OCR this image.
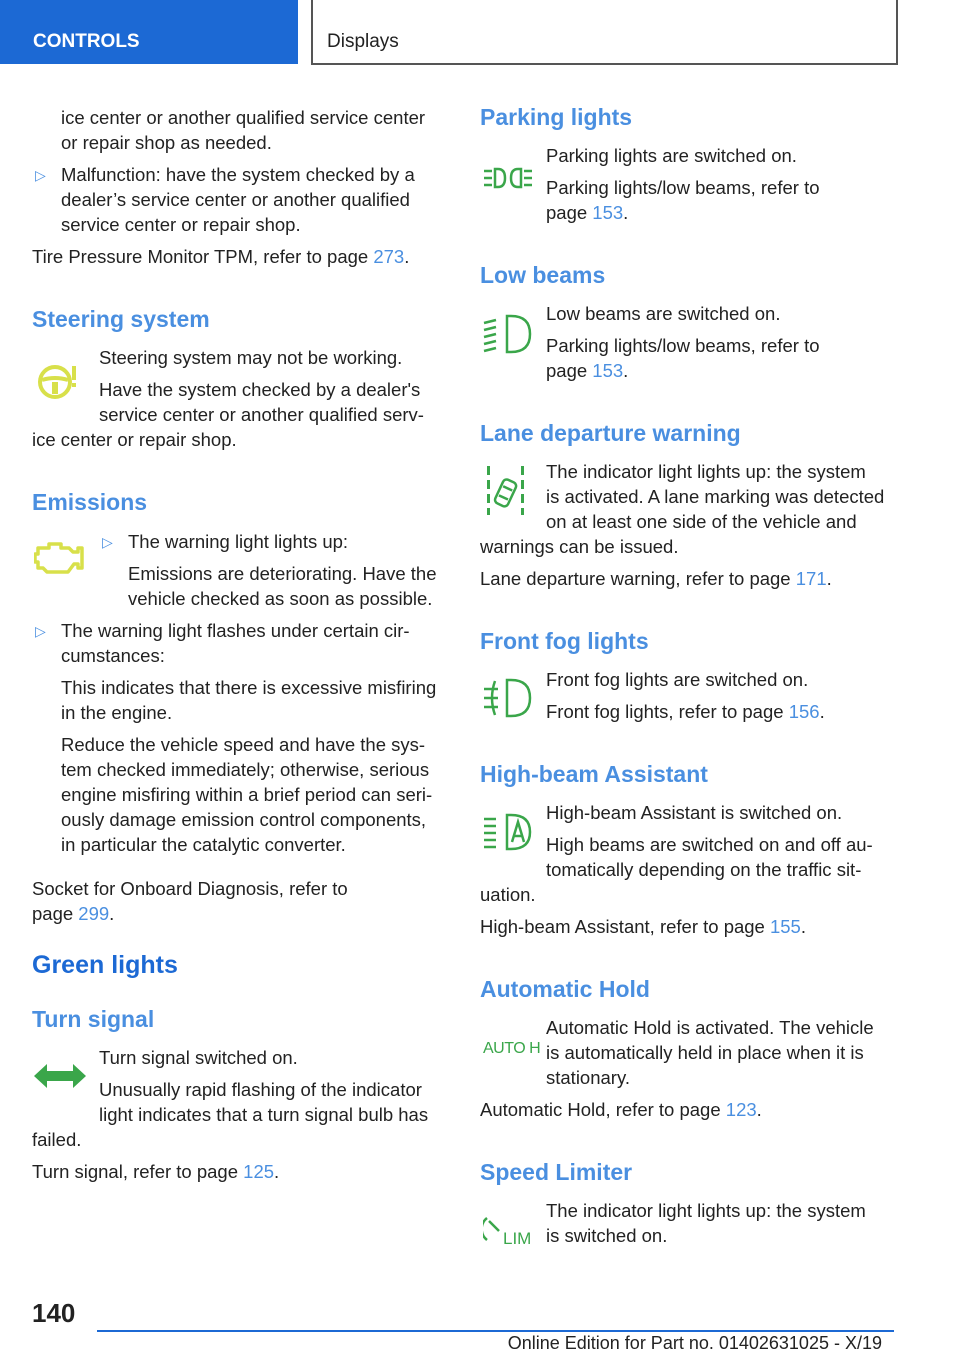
CONTROLS	Displays
ice center or another qualified service center
or repair shop as needed.
▷ Malfunction: have the system checked by a
dealer’s service center or another qualified
service center or repair shop.
Tire Pressure Monitor TPM, refer to page 273.
Steering system
Steering system may not be working.
Have the system checked by a dealer's
service center or another qualified serv-
ice center or repair shop.
Emissions
▷ The warning light lights up:
Emissions are deteriorating. Have the
vehicle checked as soon as possible.
▷ The warning light flashes under certain cir-
cumstances:
This indicates that there is excessive misfiring
in the engine.
Reduce the vehicle speed and have the sys-
tem checked immediately; otherwise, serious
engine misfiring within a brief period can seri-
ously damage emission control components,
in particular the catalytic converter.
Socket for Onboard Diagnosis, refer to
page 299.
Green lights
Turn signal
Turn signal switched on.
Unusually rapid flashing of the indicator
light indicates that a turn signal bulb has
failed.
Turn signal, refer to page 125.
Parking lights
Parking lights are switched on.
Parking lights/low beams, refer to
page 153.
Low beams
Low beams are switched on.
Parking lights/low beams, refer to
page 153.
Lane departure warning
The indicator light lights up: the system
is activated. A lane marking was detected
on at least one side of the vehicle and
warnings can be issued.
Lane departure warning, refer to page 171.
Front fog lights
Front fog lights are switched on.
Front fog lights, refer to page 156.
High-beam Assistant
High-beam Assistant is switched on.
High beams are switched on and off au-
tomatically depending on the traffic sit-
uation.
High-beam Assistant, refer to page 155.
Automatic Hold
AUTO H
Automatic Hold is activated. The vehicle
is automatically held in place when it is
stationary.
Automatic Hold, refer to page 123.
Speed Limiter
LIM
The indicator light lights up: the system
is switched on.
140
Online Edition for Part no. 01402631025 - X/19
